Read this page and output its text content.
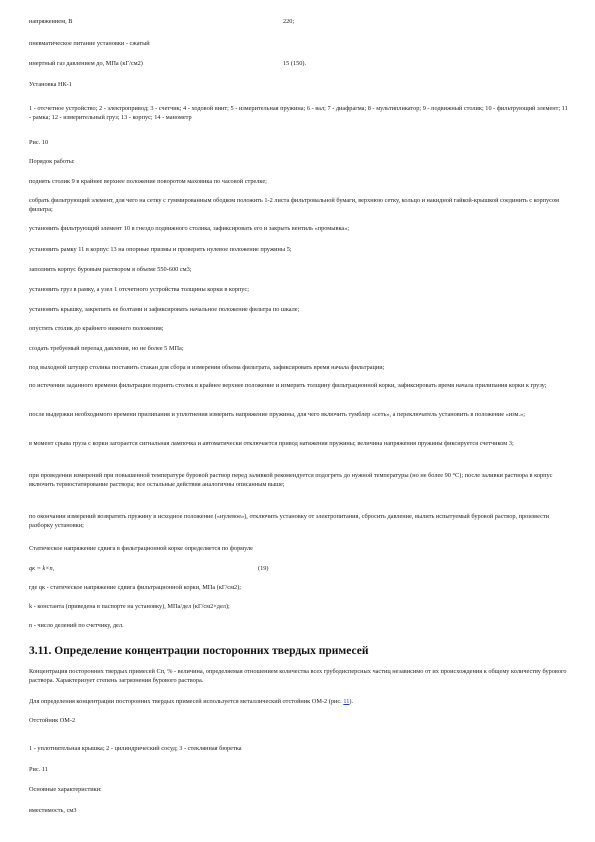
напряжением, В	220;

пневматическое питание установки - сжатый

инертный газ давлением до, МПа (кГ/см2)	15 (150).

Установка НК-1

1 - отсчетное устройство; 2 - электропривод; 3 - счетчик; 4 - ходовой винт; 5 - измерительная пружина; 6 - вал; 7 - диафрагма; 8 - мультипликатор; 9 - подвижный столик; 10 - фильтрующий элемент; 11 - рамка; 12 - измерительный груз; 13 - корпус; 14 - манометр

Рис. 10

Порядок работы:

поднять столик 9 в крайнее верхнее положение поворотом маховика по часовой стрелке;

собрать фильтрующий элемент, для чего на сетку с гуммированным ободком положить 1-2 листа фильтровальной бумаги, верхнюю сетку, кольцо и накидной гайкой-крышкой соединить с корпусом фильтра;

установить фильтрующий элемент 10 в гнездо подвижного столика, зафиксировать его и закрыть вентиль «промывка»;

установить рамку 11 в корпус 13 на опорные призмы и проверить нулевое положение пружины 5;

заполнить корпус буровым раствором в объеме 550-600 см3;

установить груз в рамку, а узел 1 отсчетного устройства толщины корки в корпус;

установить крышку, закрепить ее болтами и зафиксировать начальное положение фильтра по шкале;

опустить столик до крайнего нижнего положения;

создать требуемый перепад давления, но не более 5 МПа;

под выходной штуцер столика поставить стакан для сбора и измерения объема фильтрата, зафиксировать время начала фильтрации;

по истечении заданного времени фильтрации поднять столик в крайнее верхнее положение и измерить толщину фильтрационной корки, зафиксировать время начала прилипания корки к грузу;

после выдержки необходимого времени прилипания и уплотнения измерить напряжение пружины, для чего включить тумблер «сеть», а переключатель установить в положение «изм.»;

в момент срыва груза с корки загорается сигнальная лампочка и автоматически отключается привод натяжения пружины; величина напряжения пружины фиксируется счетчиком 3;

при проведении измерений при повышенной температуре буровой раствор перед заливкой рекомендуется подогреть до нужной температуры (но не более 90 °С); после заливки раствора в корпус включить термостатирование раствора; все остальные действия аналогичны описанным выше;

по окончании измерений возвратить пружину в исходное положение («нулевое»), отключить установку от электропитания, сбросить давление, вылить испытуемый буровой раствор, произвести разборку установки;

Статическое напряжение сдвига в фильтрационной корке определяется по формуле

qк = k×n,	(19)

где qк - статическое напряжение сдвига фильтрационной корки, МПа (кГ/см2);

k - константа (приведена в паспорте на установку), МПа/дел (кГ/см2×дел);

n - число делений по счетчику, дел.

3.11. Определение концентрации посторонних твердых примесей

Концентрация посторонних твердых примесей Сп, % - величина, определяемая отношением количества всех грубодисперсных частиц независимо от их происхождения к общему количеству бурового раствора. Характеризует степень загрязнения бурового раствора.

Для определения концентрации посторонних твердых примесей используется металлический отстойник ОМ-2 (рис. 11).

Отстойник ОМ-2

1 - уплотнительная крышка; 2 - цилиндрический сосуд; 3 - стеклянная бюретка

Рис. 11

Основные характеристики:

вместимость, см3
